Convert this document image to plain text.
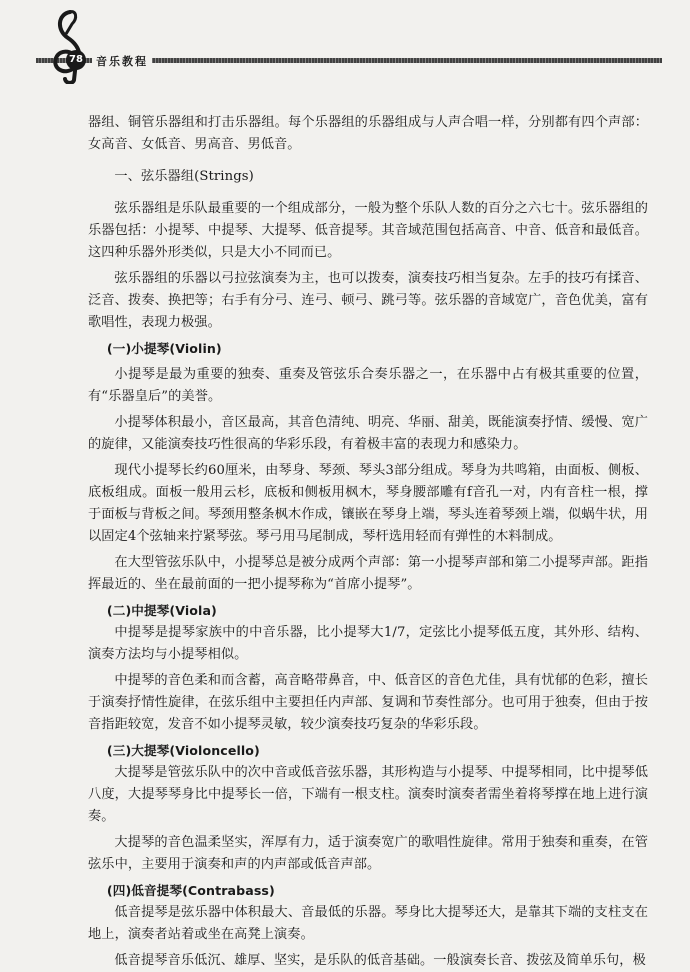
78	音乐教程

器组、铜管乐器组和打击乐器组。每个乐器组的乐器组成与人声合唱一样，分别都有四个声部：女高音、女低音、男高音、男低音。

一、弦乐器组(Strings)

弦乐器组是乐队最重要的一个组成部分，一般为整个乐队人数的百分之六七十。弦乐器组的乐器包括：小提琴、中提琴、大提琴、低音提琴。其音域范围包括高音、中音、低音和最低音。这四种乐器外形类似，只是大小不同而已。

弦乐器组的乐器以弓拉弦演奏为主，也可以拨奏，演奏技巧相当复杂。左手的技巧有揉音、泛音、拨奏、换把等；右手有分弓、连弓、顿弓、跳弓等。弦乐器的音域宽广，音色优美，富有歌唱性，表现力极强。

(一)小提琴(Violin)

小提琴是最为重要的独奏、重奏及管弦乐合奏乐器之一，在乐器中占有极其重要的位置，有“乐器皇后”的美誉。

小提琴体积最小，音区最高，其音色清纯、明亮、华丽、甜美，既能演奏抒情、缓慢、宽广的旋律，又能演奏技巧性很高的华彩乐段，有着极丰富的表现力和感染力。

现代小提琴长约60厘米，由琴身、琴颈、琴头3部分组成。琴身为共鸣箱，由面板、侧板、底板组成。面板一般用云杉，底板和侧板用枫木，琴身腰部雕有f音孔一对，内有音柱一根，撑于面板与背板之间。琴颈用整条枫木作成，镶嵌在琴身上端，琴头连着琴颈上端，似蜗牛状，用以固定4个弦轴来拧紧琴弦。琴弓用马尾制成，琴杆选用轻而有弹性的木料制成。

在大型管弦乐队中，小提琴总是被分成两个声部：第一小提琴声部和第二小提琴声部。距指挥最近的、坐在最前面的一把小提琴称为“首席小提琴”。

(二)中提琴(Viola)

中提琴是提琴家族中的中音乐器，比小提琴大1/7，定弦比小提琴低五度，其外形、结构、演奏方法均与小提琴相似。

中提琴的音色柔和而含蓄，高音略带鼻音，中、低音区的音色尤佳，具有忧郁的色彩，擅长于演奏抒情性旋律，在弦乐组中主要担任内声部、复调和节奏性部分。也可用于独奏，但由于按音指距较宽，发音不如小提琴灵敏，较少演奏技巧复杂的华彩乐段。

(三)大提琴(Violoncello)

大提琴是管弦乐队中的次中音或低音弦乐器，其形构造与小提琴、中提琴相同，比中提琴低八度，大提琴琴身比中提琴长一倍，下端有一根支柱。演奏时演奏者需坐着将琴撑在地上进行演奏。

大提琴的音色温柔坚实，浑厚有力，适于演奏宽广的歌唱性旋律。常用于独奏和重奏，在管弦乐中，主要用于演奏和声的内声部或低音声部。

(四)低音提琴(Contrabass)

低音提琴是弦乐器中体积最大、音最低的乐器。琴身比大提琴还大，是靠其下端的支柱支在地上，演奏者站着或坐在高凳上演奏。

低音提琴音乐低沉、雄厚、坚实，是乐队的低音基础。一般演奏长音、拨弦及简单乐句，极
